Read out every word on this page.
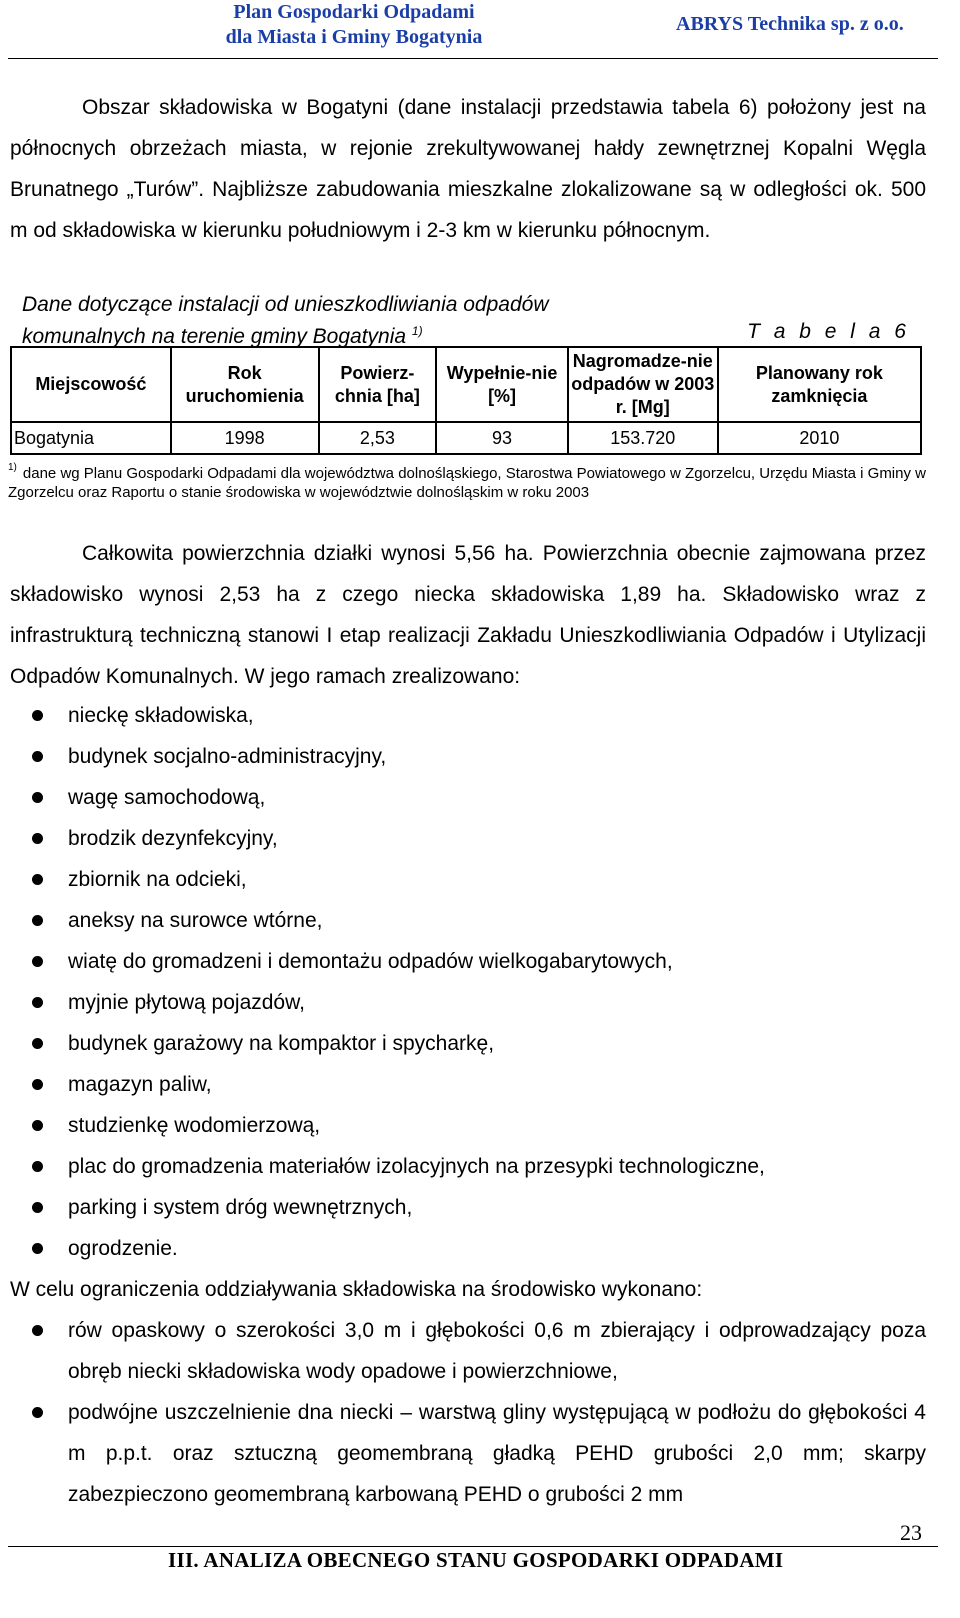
Plan Gospodarki Odpadami
dla Miasta i Gminy Bogatynia
ABRYS Technika sp. z o.o.
Obszar składowiska w Bogatyni (dane instalacji przedstawia tabela 6) położony jest na północnych obrzeżach miasta, w rejonie zrekultywowanej hałdy zewnętrznej Kopalni Węgla Brunatnego „Turów”. Najbliższe zabudowania mieszkalne zlokalizowane są w odległości ok. 500 m od składowiska w kierunku południowym i 2-3 km w kierunku północnym.
Dane dotyczące instalacji od unieszkodliwiania odpadów
komunalnych na terenie gminy Bogatynia $^{1)}$	T a b e l a 6
Miejscowość	Rok uruchomienia	Powierz-chnia [ha]	Wypełnie-nie [%]	Nagromadze-nie odpadów w 2003 r. [Mg]	Planowany rok zamknięcia
Bogatynia	1998	2,53	93	153.720	2010
$^{1)}$ dane wg Planu Gospodarki Odpadami dla województwa dolnośląskiego, Starostwa Powiatowego w Zgorzelcu, Urzędu Miasta i Gminy w Zgorzelcu oraz Raportu o stanie środowiska w województwie dolnośląskim w roku 2003
Całkowita powierzchnia działki wynosi 5,56 ha. Powierzchnia obecnie zajmowana przez składowisko wynosi 2,53 ha z czego niecka składowiska 1,89 ha. Składowisko wraz z infrastrukturą techniczną stanowi I etap realizacji Zakładu Unieszkodliwiania Odpadów i Utylizacji Odpadów Komunalnych. W jego ramach zrealizowano:
nieckę składowiska,
budynek socjalno-administracyjny,
wagę samochodową,
brodzik dezynfekcyjny,
zbiornik na odcieki,
aneksy na surowce wtórne,
wiatę do gromadzeni i demontażu odpadów wielkogabarytowych,
myjnie płytową pojazdów,
budynek garażowy na kompaktor i spycharkę,
magazyn paliw,
studzienkę wodomierzową,
plac do gromadzenia materiałów izolacyjnych na przesypki technologiczne,
parking i system dróg wewnętrznych,
ogrodzenie.
W celu ograniczenia oddziaływania składowiska na środowisko wykonano:
rów opaskowy o szerokości 3,0 m i głębokości 0,6 m zbierający i odprowadzający poza obręb niecki składowiska wody opadowe i powierzchniowe,
podwójne uszczelnienie dna niecki – warstwą gliny występującą w podłożu do głębokości 4 m p.p.t. oraz sztuczną geomembraną gładką PEHD grubości 2,0 mm; skarpy zabezpieczono geomembraną karbowaną PEHD o grubości 2 mm
23
III. ANALIZA OBECNEGO STANU GOSPODARKI ODPADAMI
